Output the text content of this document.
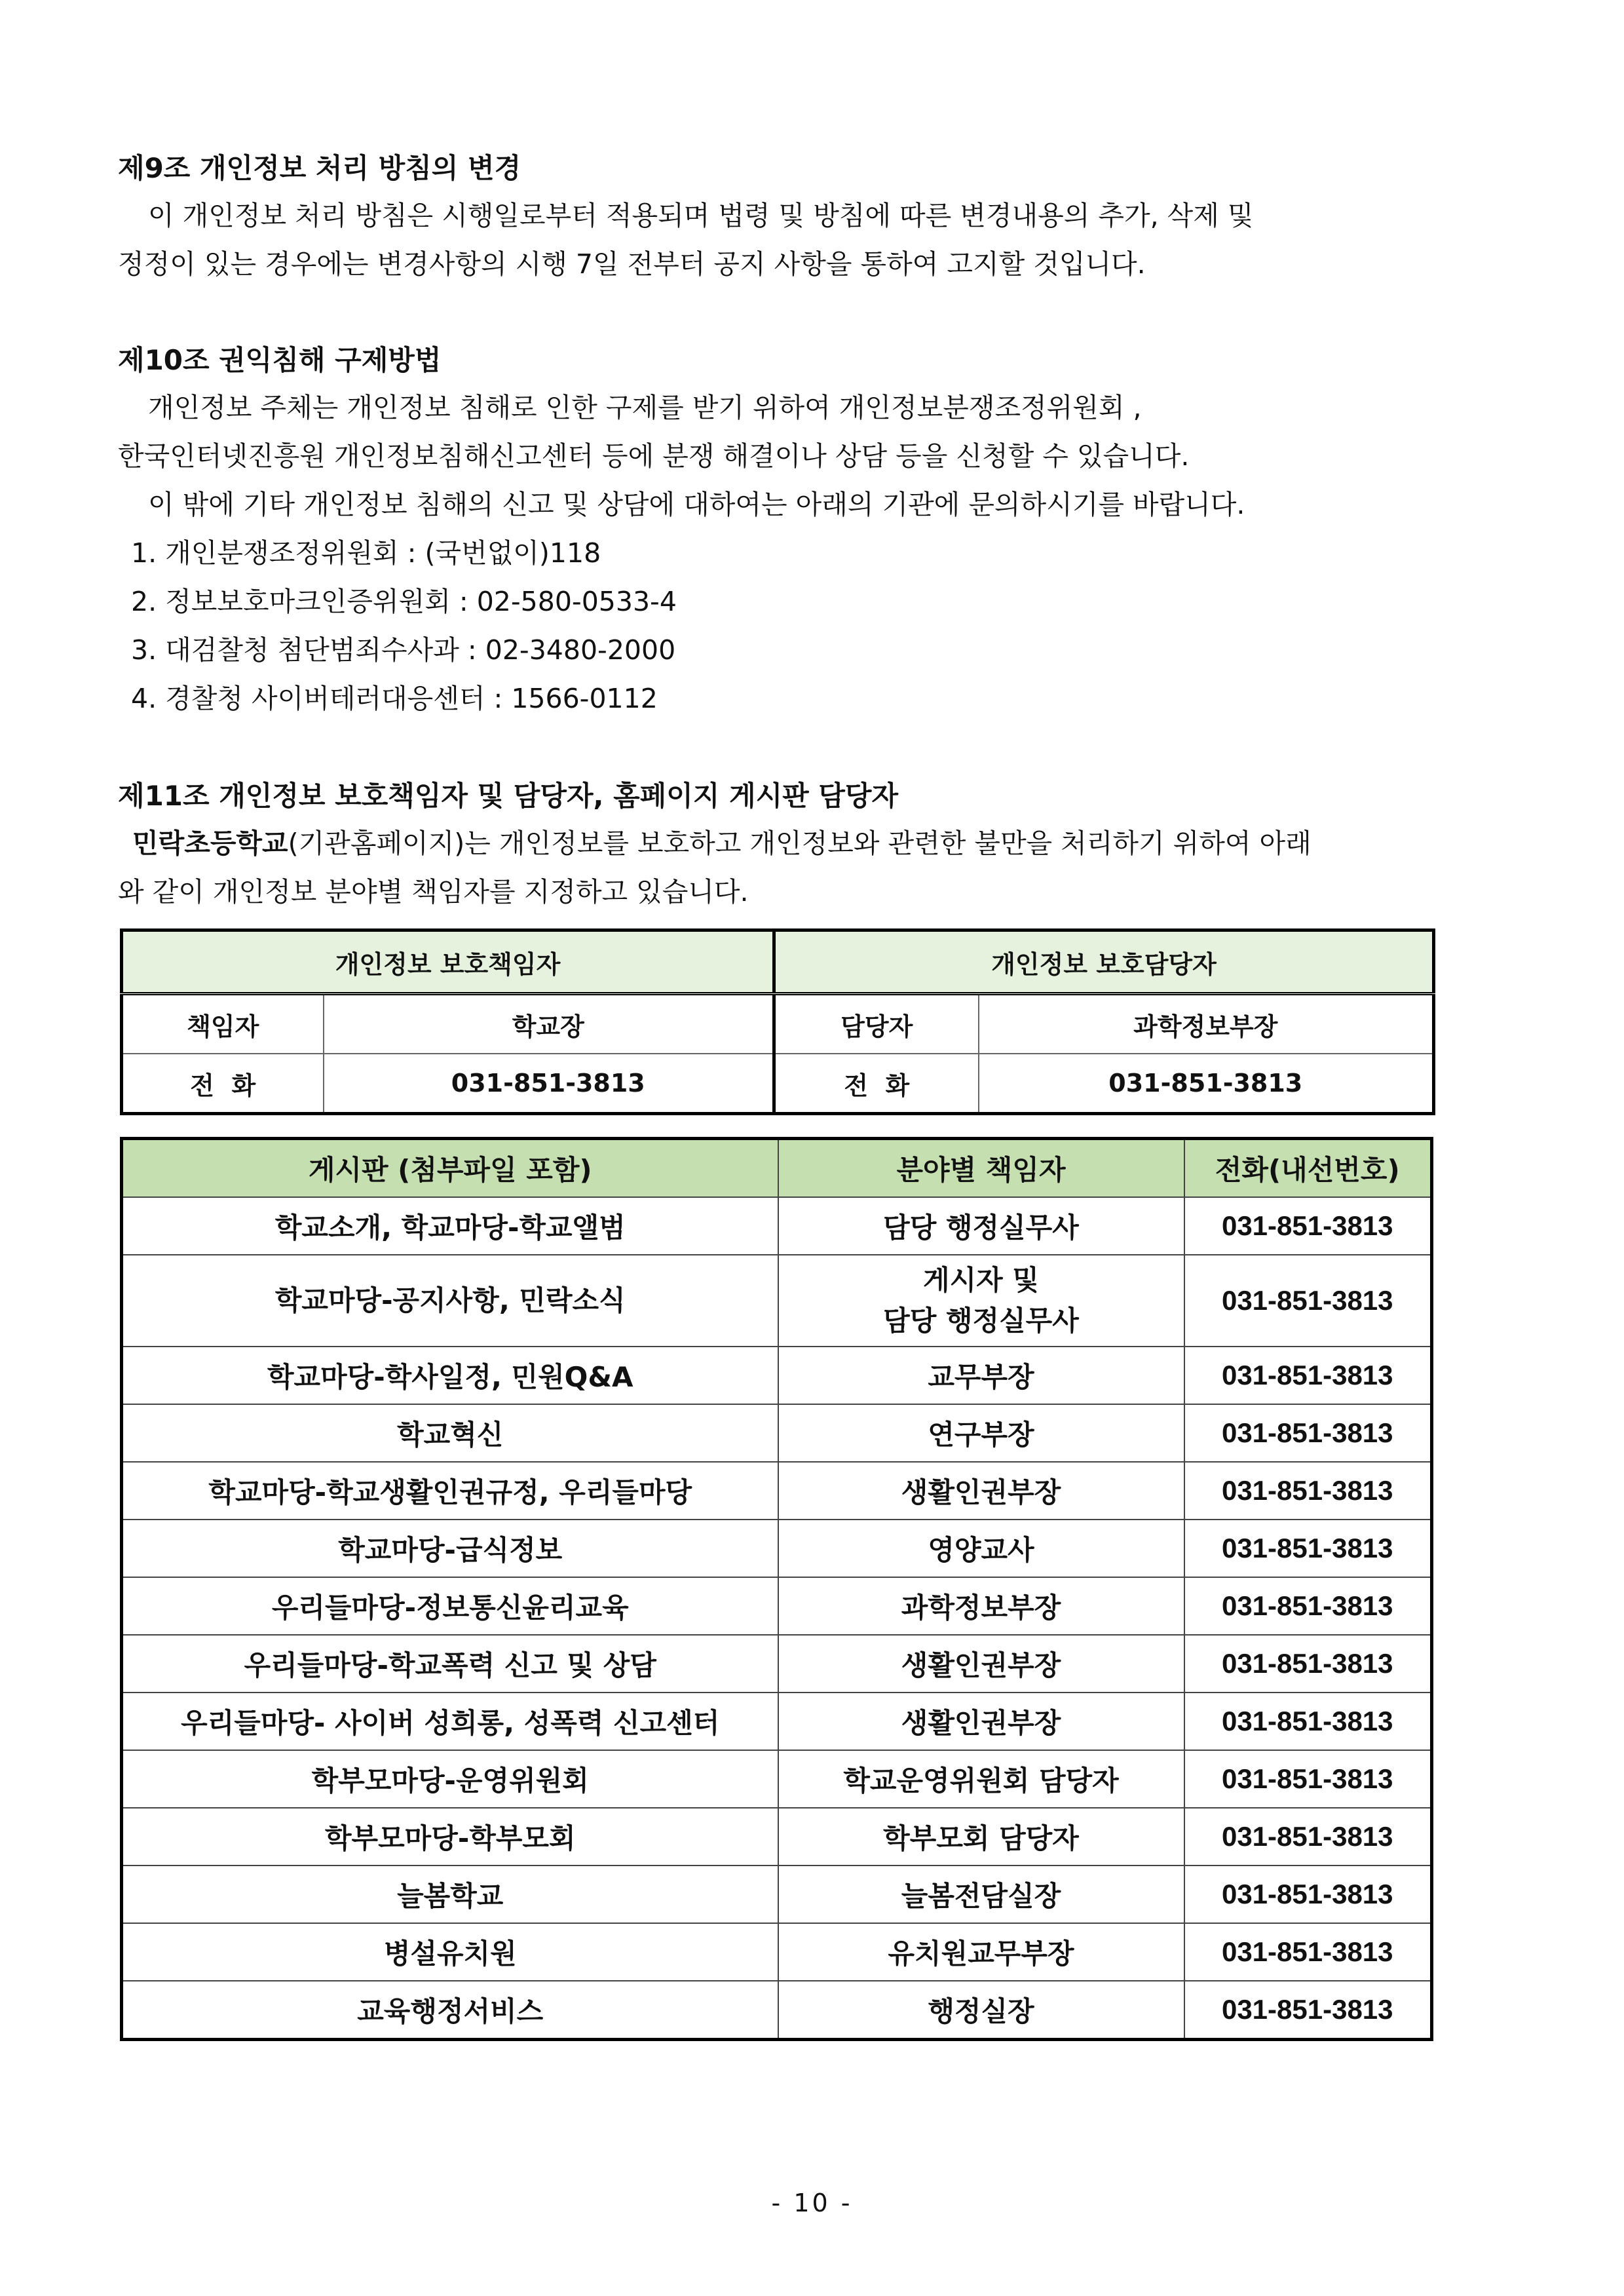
제9조 개인정보 처리 방침의 변경
이 개인정보 처리 방침은 시행일로부터 적용되며 법령 및 방침에 따른 변경내용의 추가, 삭제 및
정정이 있는 경우에는 변경사항의 시행 7일 전부터 공지 사항을 통하여 고지할 것입니다.
제10조 권익침해 구제방법
개인정보 주체는 개인정보 침해로 인한 구제를 받기 위하여 개인정보분쟁조정위원회 ,
한국인터넷진흥원 개인정보침해신고센터 등에 분쟁 해결이나 상담 등을 신청할 수 있습니다.
이 밖에 기타 개인정보 침해의 신고 및 상담에 대하여는 아래의 기관에 문의하시기를 바랍니다.
1. 개인분쟁조정위원회 : (국번없이)118
2. 정보보호마크인증위원회 : 02-580-0533-4
3. 대검찰청 첨단범죄수사과 : 02-3480-2000
4. 경찰청 사이버테러대응센터 : 1566-0112
제11조 개인정보 보호책임자 및 담당자, 홈페이지 게시판 담당자
민락초등학교(기관홈페이지)는 개인정보를 보호하고 개인정보와 관련한 불만을 처리하기 위하여 아래
와 같이 개인정보 분야별 책임자를 지정하고 있습니다.
개인정보 보호책임자		개인정보 보호담당자	
책임자	학교장	담당자	과학정보부장
전  화	031-851-3813	전  화	031-851-3813
게시판 (첨부파일 포함)	분야별 책임자	전화(내선번호)
학교소개, 학교마당-학교앨범	담당 행정실무사	031-851-3813
학교마당-공지사항, 민락소식	게시자 및
담당 행정실무사	031-851-3813
학교마당-학사일정, 민원Q&A	교무부장	031-851-3813
학교혁신	연구부장	031-851-3813
학교마당-학교생활인권규정, 우리들마당	생활인권부장	031-851-3813
학교마당-급식정보	영양교사	031-851-3813
우리들마당-정보통신윤리교육	과학정보부장	031-851-3813
우리들마당-학교폭력 신고 및 상담	생활인권부장	031-851-3813
우리들마당- 사이버 성희롱, 성폭력 신고센터	생활인권부장	031-851-3813
학부모마당-운영위원회	학교운영위원회 담당자	031-851-3813
학부모마당-학부모회	학부모회 담당자	031-851-3813
늘봄학교	늘봄전담실장	031-851-3813
병설유치원	유치원교무부장	031-851-3813
교육행정서비스	행정실장	031-851-3813
- 10 -
